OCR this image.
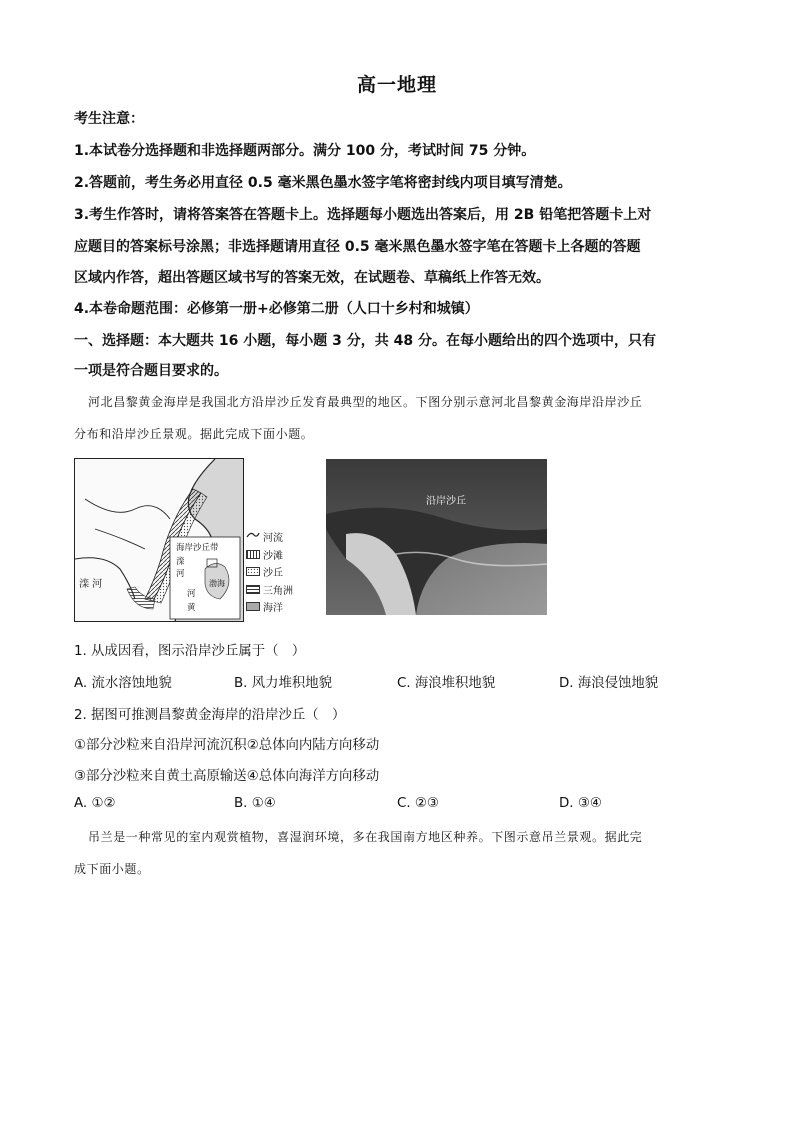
高一地理
考生注意：
1.本试卷分选择题和非选择题两部分。满分 100 分，考试时间 75 分钟。
2.答题前，考生务必用直径 0.5 毫米黑色墨水签字笔将密封线内项目填写清楚。
3.考生作答时，请将答案答在答题卡上。选择题每小题选出答案后，用 2B 铅笔把答题卡上对
应题目的答案标号涂黑；非选择题请用直径 0.5 毫米黑色墨水签字笔在答题卡上各题的答题
区域内作答，超出答题区域书写的答案无效，在试题卷、草稿纸上作答无效。
4.本卷命题范围：必修第一册+必修第二册（人口十乡村和城镇）
一、选择题：本大题共 16 小题，每小题 3 分，共 48 分。在每小题给出的四个选项中，只有
一项是符合题目要求的。
河北昌黎黄金海岸是我国北方沿岸沙丘发育最典型的地区。下图分别示意河北昌黎黄金海岸沿岸沙丘
分布和沿岸沙丘景观。据此完成下面小题。
海岸沙丘带
滦
河
渤海
河
黄
滦 河
河流
沙滩
沙丘
三角洲
海洋
沿岸沙丘
1. 从成因看，图示沿岸沙丘属于（　）
A. 流水溶蚀地貌	B. 风力堆积地貌	C. 海浪堆积地貌	D. 海浪侵蚀地貌
2. 据图可推测昌黎黄金海岸的沿岸沙丘（　）
①部分沙粒来自沿岸河流沉积②总体向内陆方向移动
③部分沙粒来自黄土高原输送④总体向海洋方向移动
A. ①②	B. ①④	C. ②③	D. ③④
吊兰是一种常见的室内观赏植物，喜湿润环境，多在我国南方地区种养。下图示意吊兰景观。据此完
成下面小题。
